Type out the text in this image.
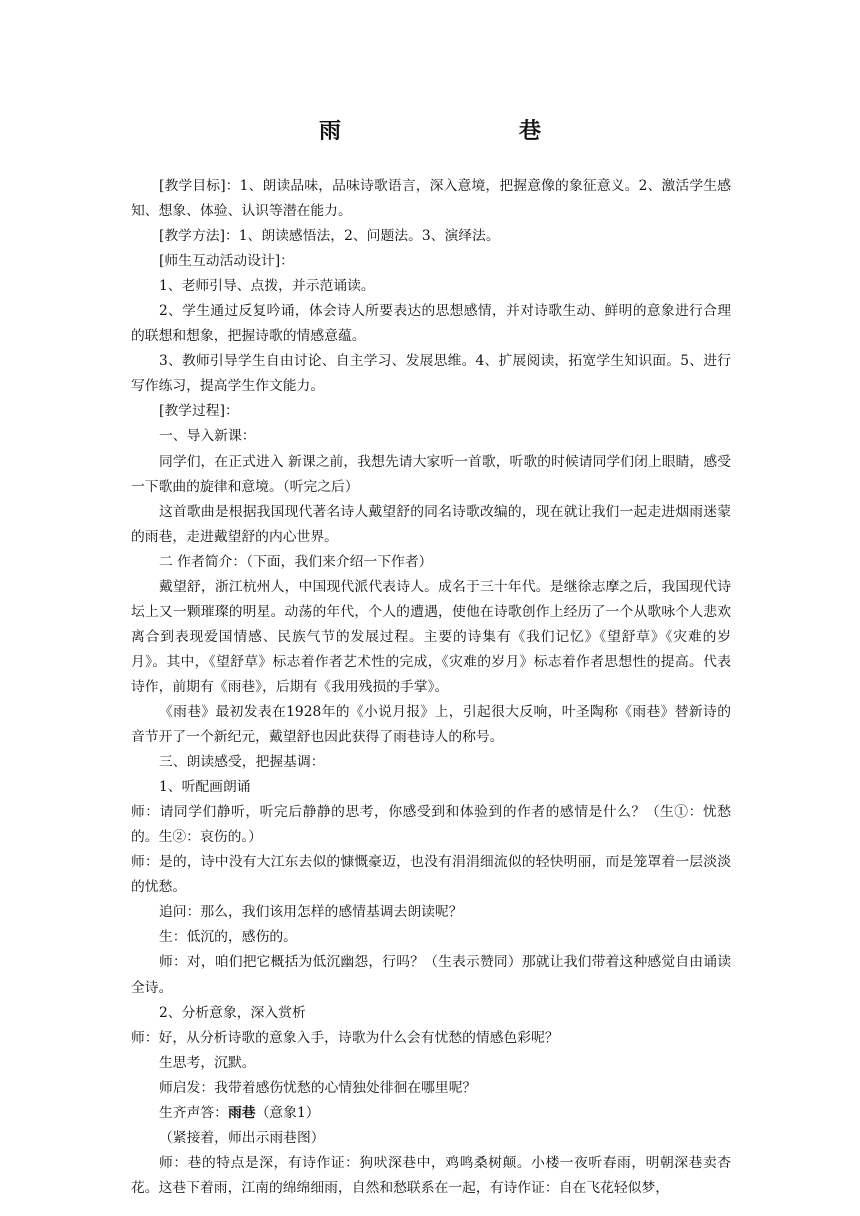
雨　巷

[教学目标]：1、朗读品味，品味诗歌语言，深入意境，把握意像的象征意义。2、激活学生感知、想象、体验、认识等潜在能力。

[教学方法]：1、朗读感悟法，2、问题法。3、演绎法。

[师生互动活动设计]：

1、老师引导、点拨，并示范诵读。

2、学生通过反复吟诵，体会诗人所要表达的思想感情，并对诗歌生动、鲜明的意象进行合理的联想和想象，把握诗歌的情感意蕴。

3、教师引导学生自由讨论、自主学习、发展思维。4、扩展阅读，拓宽学生知识面。5、进行写作练习，提高学生作文能力。

[教学过程]：

一、导入新课：

同学们，在正式进入 新课之前，我想先请大家听一首歌，听歌的时候请同学们闭上眼睛，感受一下歌曲的旋律和意境。（听完之后）

这首歌曲是根据我国现代著名诗人戴望舒的同名诗歌改编的，现在就让我们一起走进烟雨迷蒙的雨巷，走进戴望舒的内心世界。

二 作者简介：（下面，我们来介绍一下作者）

戴望舒，浙江杭州人，中国现代派代表诗人。成名于三十年代。是继徐志摩之后，我国现代诗坛上又一颗璀璨的明星。动荡的年代，个人的遭遇，使他在诗歌创作上经历了一个从歌咏个人悲欢离合到表现爱国情感、民族气节的发展过程。主要的诗集有《我们记忆》《望舒草》《灾难的岁月》。其中，《望舒草》标志着作者艺术性的完成，《灾难的岁月》标志着作者思想性的提高。代表诗作，前期有《雨巷》，后期有《我用残损的手掌》。

《雨巷》最初发表在1928年的《小说月报》上，引起很大反响，叶圣陶称《雨巷》替新诗的音节开了一个新纪元，戴望舒也因此获得了雨巷诗人的称号。

三、朗读感受，把握基调：

1、听配画朗诵

师：请同学们静听，听完后静静的思考，你感受到和体验到的作者的感情是什么？（生①：忧愁的。生②：哀伤的。）

师：是的，诗中没有大江东去似的慷慨豪迈，也没有涓涓细流似的轻快明丽，而是笼罩着一层淡淡的忧愁。

追问：那么，我们该用怎样的感情基调去朗读呢？

生：低沉的，感伤的。

师：对，咱们把它概括为低沉幽怨，行吗？（生表示赞同）那就让我们带着这种感觉自由诵读全诗。

2、分析意象，深入赏析

师：好，从分析诗歌的意象入手，诗歌为什么会有忧愁的情感色彩呢？

生思考，沉默。

师启发：我带着感伤忧愁的心情独处徘徊在哪里呢？

生齐声答：雨巷（意象1）

（紧接着，师出示雨巷图）

师：巷的特点是深，有诗作证：狗吠深巷中，鸡鸣桑树颠。小楼一夜听春雨，明朝深巷卖杏花。这巷下着雨，江南的绵绵细雨，自然和愁联系在一起，有诗作证：自在飞花轻似梦，
